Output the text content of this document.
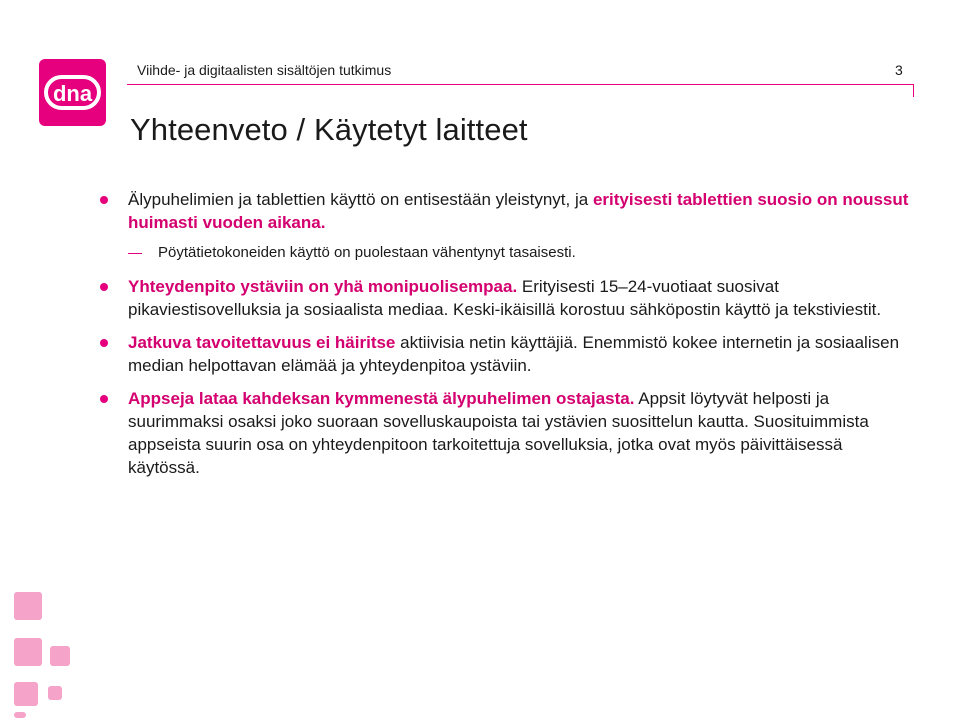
dna
Viihde- ja digitaalisten sisältöjen tutkimus	3
Yhteenveto / Käytetyt laitteet
Älypuhelimien ja tablettien käyttö on entisestään yleistynyt, ja erityisesti tablettien suosio on noussut huimasti vuoden aikana.
Pöytätietokoneiden käyttö on puolestaan vähentynyt tasaisesti.
Yhteydenpito ystäviin on yhä monipuolisempaa. Erityisesti 15–24-vuotiaat suosivat pikaviestisovelluksia ja sosiaalista mediaa. Keski-ikäisillä korostuu sähköpostin käyttö ja tekstiviestit.
Jatkuva tavoitettavuus ei häiritse aktiivisia netin käyttäjiä. Enemmistö kokee internetin ja sosiaalisen median helpottavan elämää ja yhteydenpitoa ystäviin.
Appseja lataa kahdeksan kymmenestä älypuhelimen ostajasta. Appsit löytyvät helposti ja suurimmaksi osaksi joko suoraan sovelluskaupoista tai ystävien suosittelun kautta. Suosituimmista appseista suurin osa on yhteydenpitoon tarkoitettuja sovelluksia, jotka ovat myös päivittäisessä käytössä.
